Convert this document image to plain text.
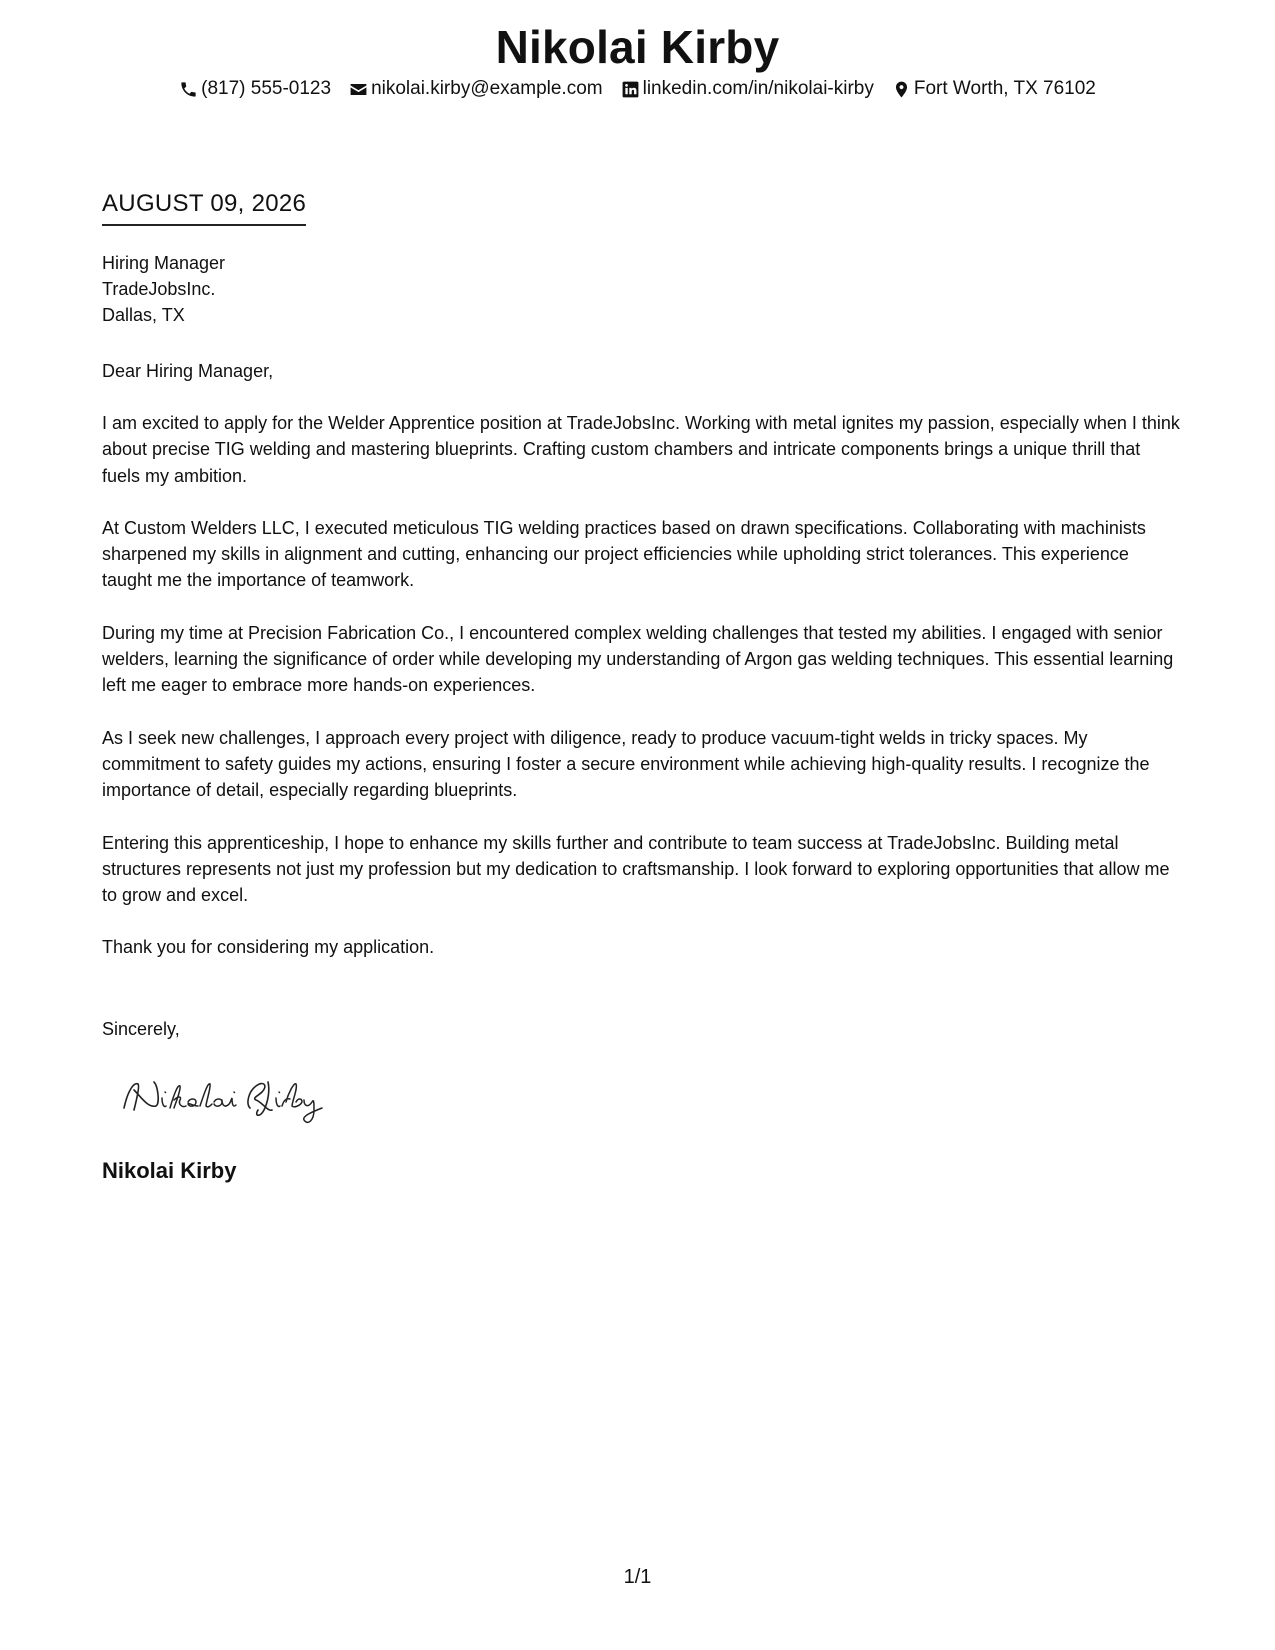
Nikolai Kirby
(817) 555-0123 nikolai.kirby@example.com linkedin.com/in/nikolai-kirby Fort Worth, TX 76102
AUGUST 09, 2026
Hiring Manager
TradeJobsInc.
Dallas, TX
Dear Hiring Manager,

I am excited to apply for the Welder Apprentice position at TradeJobsInc. Working with metal ignites my passion, especially when I think about precise TIG welding and mastering blueprints. Crafting custom chambers and intricate components brings a unique thrill that fuels my ambition.

At Custom Welders LLC, I executed meticulous TIG welding practices based on drawn specifications. Collaborating with machinists sharpened my skills in alignment and cutting, enhancing our project efficiencies while upholding strict tolerances. This experience taught me the importance of teamwork.

During my time at Precision Fabrication Co., I encountered complex welding challenges that tested my abilities. I engaged with senior welders, learning the significance of order while developing my understanding of Argon gas welding techniques. This essential learning left me eager to embrace more hands-on experiences.

As I seek new challenges, I approach every project with diligence, ready to produce vacuum-tight welds in tricky spaces. My commitment to safety guides my actions, ensuring I foster a secure environment while achieving high-quality results. I recognize the importance of detail, especially regarding blueprints.

Entering this apprenticeship, I hope to enhance my skills further and contribute to team success at TradeJobsInc. Building metal structures represents not just my profession but my dedication to craftsmanship. I look forward to exploring opportunities that allow me to grow and excel.

Thank you for considering my application.

Sincerely,
Nikolai Kirby
1/1
